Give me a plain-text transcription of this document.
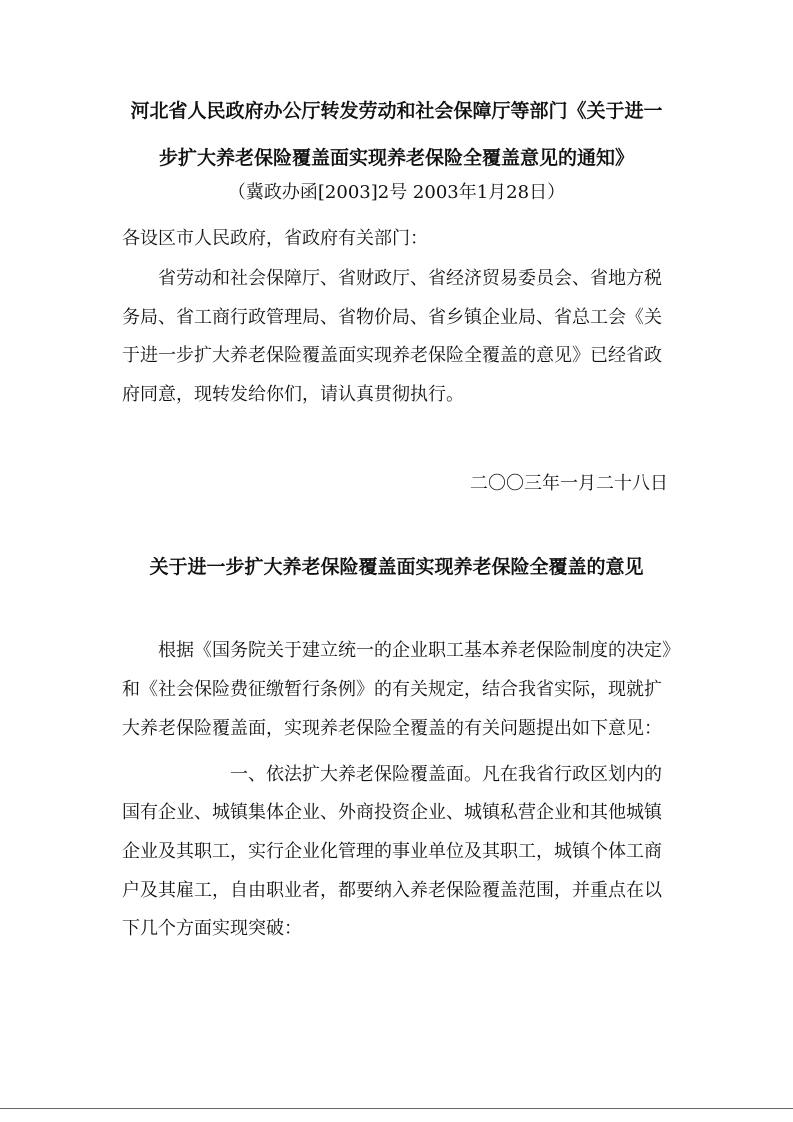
河北省人民政府办公厅转发劳动和社会保障厅等部门《关于进一
步扩大养老保险覆盖面实现养老保险全覆盖意见的通知》
（冀政办函[2003]2号 2003年1月28日）
各设区市人民政府，省政府有关部门：
省劳动和社会保障厅、省财政厅、省经济贸易委员会、省地方税
务局、省工商行政管理局、省物价局、省乡镇企业局、省总工会《关
于进一步扩大养老保险覆盖面实现养老保险全覆盖的意见》已经省政
府同意，现转发给你们，请认真贯彻执行。
二〇〇三年一月二十八日
关于进一步扩大养老保险覆盖面实现养老保险全覆盖的意见
根据《国务院关于建立统一的企业职工基本养老保险制度的决定》
和《社会保险费征缴暂行条例》的有关规定，结合我省实际，现就扩
大养老保险覆盖面，实现养老保险全覆盖的有关问题提出如下意见：
一、依法扩大养老保险覆盖面。凡在我省行政区划内的
国有企业、城镇集体企业、外商投资企业、城镇私营企业和其他城镇
企业及其职工，实行企业化管理的事业单位及其职工，城镇个体工商
户及其雇工，自由职业者，都要纳入养老保险覆盖范围，并重点在以
下几个方面实现突破：
